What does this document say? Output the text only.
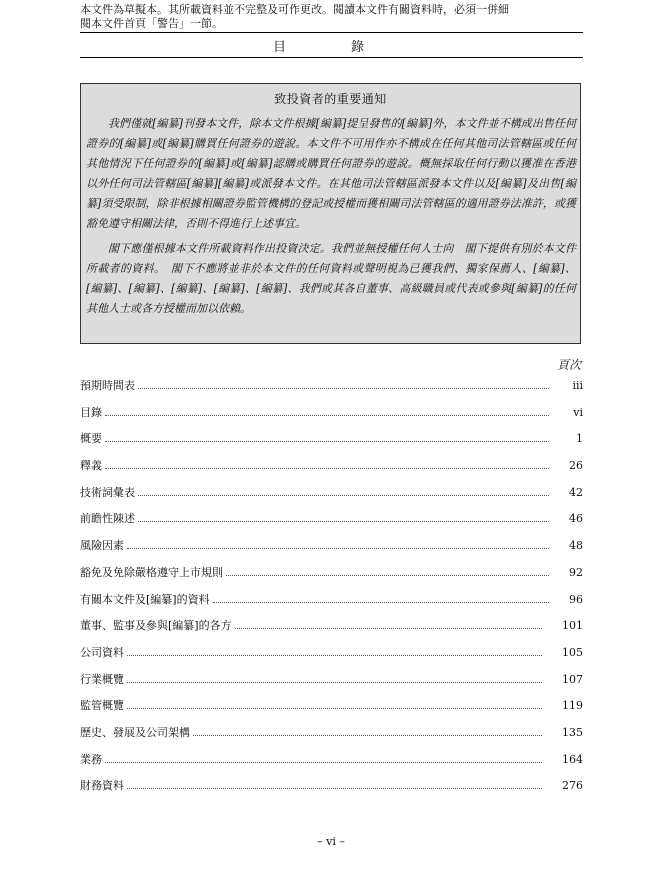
本文件為草擬本。其所載資料並不完整及可作更改。閱讀本文件有關資料時，必須一併細
閱本文件首頁「警告」一節。
目　錄
致投資者的重要通知

我們僅就[編纂]刊發本文件，除本文件根據[編纂]提呈發售的[編纂]外，本文件並不構成出售任何證券的[編纂]或[編纂]購買任何證券的遊說。本文件不可用作亦不構成在任何其他司法管轄區或任何其他情況下任何證券的[編纂]或[編纂]認購或購買任何證券的遊說。概無採取任何行動以獲准在香港以外任何司法管轄區[編纂][編纂]或派發本文件。在其他司法管轄區派發本文件以及[編纂]及出售[編纂]須受限制，除非根據相關證券監管機構的登記或授權而獲相關司法管轄區的適用證券法准許，或獲豁免遵守相關法律，否則不得進行上述事宜。

閣下應僅根據本文件所載資料作出投資決定。我們並無授權任何人士向　閣下提供有別於本文件所載者的資料。　閣下不應將並非於本文件的任何資料或聲明視為已獲我們、獨家保薦人、[編纂]、[編纂]、[編纂]、[編纂]、[編纂]、[編纂]、我們或其各自董事、高級職員或代表或參與[編纂]的任何其他人士或各方授權而加以依賴。

頁次
預期時間表	iii
目錄	vi
概要	1
釋義	26
技術詞彙表	42
前瞻性陳述	46
風險因素	48
豁免及免除嚴格遵守上市規則	92
有關本文件及[編纂]的資料	96
董事、監事及參與[編纂]的各方	101
公司資料	105
行業概覽	107
監管概覽	119
歷史、發展及公司架構	135
業務	164
財務資料	276
– vi –
